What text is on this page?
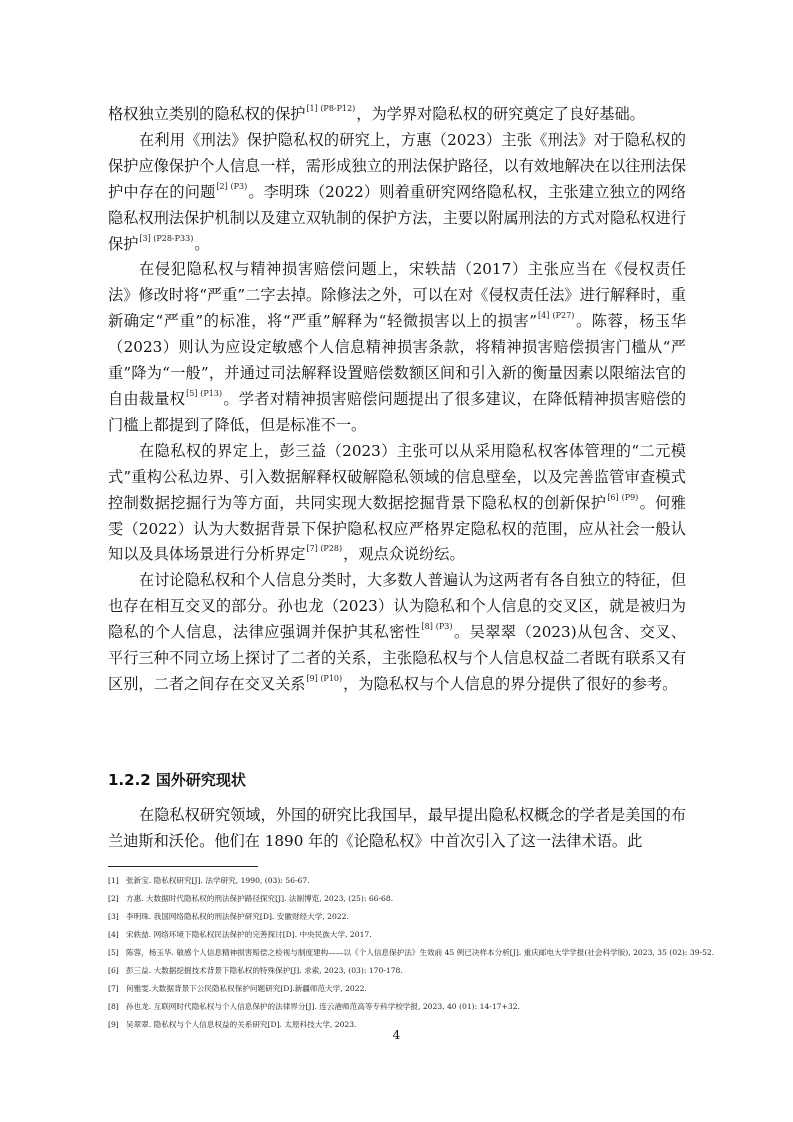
格权独立类别的隐私权的保护$^{[1] (P8-P12)}$，为学界对隐私权的研究奠定了良好基础。

在利用《刑法》保护隐私权的研究上，方惠（2023）主张《刑法》对于隐私权的保护应像保护个人信息一样，需形成独立的刑法保护路径，以有效地解决在以往刑法保护中存在的问题$^{[2] (P3)}$。李明珠（2022）则着重研究网络隐私权，主张建立独立的网络隐私权刑法保护机制以及建立双轨制的保护方法，主要以附属刑法的方式对隐私权进行保护$^{[3] (P28-P33)}$。

在侵犯隐私权与精神损害赔偿问题上，宋轶喆（2017）主张应当在《侵权责任法》修改时将“严重”二字去掉。除修法之外，可以在对《侵权责任法》进行解释时，重新确定“严重”的标准，将“严重”解释为“轻微损害以上的损害”$^{[4] (P27)}$。陈蓉，杨玉华（2023）则认为应设定敏感个人信息精神损害条款，将精神损害赔偿损害门槛从“严重”降为“一般”，并通过司法解释设置赔偿数额区间和引入新的衡量因素以限缩法官的自由裁量权$^{[5] (P13)}$。学者对精神损害赔偿问题提出了很多建议，在降低精神损害赔偿的门槛上都提到了降低，但是标准不一。

在隐私权的界定上，彭三益（2023）主张可以从采用隐私权客体管理的“二元模式”重构公私边界、引入数据解释权破解隐私领域的信息壁垒，以及完善监管审查模式控制数据挖掘行为等方面，共同实现大数据挖掘背景下隐私权的创新保护$^{[6] (P9)}$。何雅雯（2022）认为大数据背景下保护隐私权应严格界定隐私权的范围，应从社会一般认知以及具体场景进行分析界定$^{[7] (P28)}$，观点众说纷纭。

在讨论隐私权和个人信息分类时，大多数人普遍认为这两者有各自独立的特征，但也存在相互交叉的部分。孙也龙（2023）认为隐私和个人信息的交叉区，就是被归为隐私的个人信息，法律应强调并保护其私密性$^{[8] (P3)}$。吴翠翠（2023)从包含、交叉、平行三种不同立场上探讨了二者的关系，主张隐私权与个人信息权益二者既有联系又有区别，二者之间存在交叉关系$^{[9] (P10)}$，为隐私权与个人信息的界分提供了很好的参考。

1.2.2 国外研究现状

在隐私权研究领域，外国的研究比我国早，最早提出隐私权概念的学者是美国的布兰迪斯和沃伦。他们在 1890 年的《论隐私权》中首次引入了这一法律术语。此

[1] 张新宝. 隐私权研究[J]. 法学研究, 1990, (03): 56-67.

[2] 方惠. 大数据时代隐私权的刑法保护路径探究[J]. 法制博览, 2023, (25): 66-68.

[3] 李明珠. 我国网络隐私权的刑法保护研究[D]. 安徽财经大学, 2022.

[4] 宋轶喆. 网络环境下隐私权民法保护的完善探讨[D]. 中央民族大学, 2017.

[5] 陈蓉，杨玉华. 敏感个人信息精神损害赔偿之检视与制度建构——以《个人信息保护法》生效前 45 例已决样本分析[J]. 重庆邮电大学学报(社会科学版), 2023, 35 (02): 39-52.

[6] 彭三益. 大数据挖掘技术背景下隐私权的特殊保护[J]. 求索, 2023, (03): 170-178.

[7] 何雅雯.大数据背景下公民隐私权保护问题研究[D].新疆师范大学, 2022.

[8] 孙也龙. 互联网时代隐私权与个人信息保护的法律界分[J]. 连云港师范高等专科学校学报, 2023, 40 (01): 14-17+32.

[9] 吴翠翠. 隐私权与个人信息权益的关系研究[D]. 太原科技大学, 2023.

4
